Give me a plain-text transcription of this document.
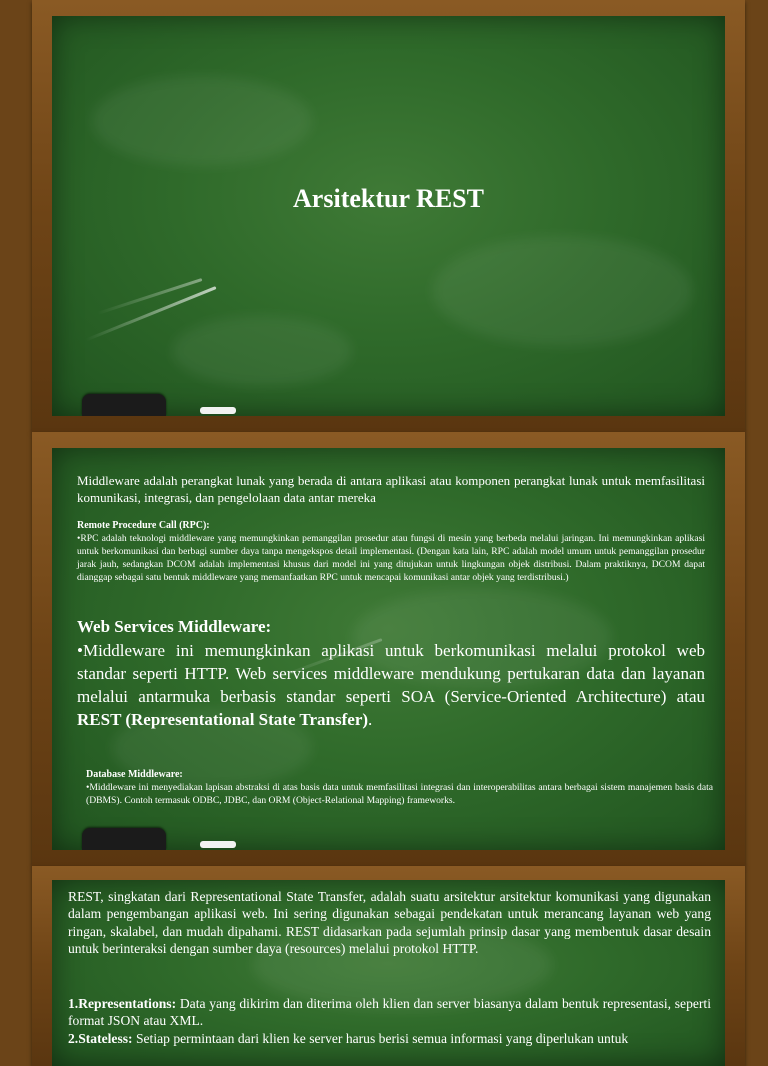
Arsitektur REST
Middleware adalah perangkat lunak yang berada di antara aplikasi atau komponen perangkat lunak untuk memfasilitasi komunikasi, integrasi, dan pengelolaan data antar mereka
Remote Procedure Call (RPC):
•RPC adalah teknologi middleware yang memungkinkan pemanggilan prosedur atau fungsi di mesin yang berbeda melalui jaringan. Ini memungkinkan aplikasi untuk berkomunikasi dan berbagi sumber daya tanpa mengekspos detail implementasi. (Dengan kata lain, RPC adalah model umum untuk pemanggilan prosedur jarak jauh, sedangkan DCOM adalah implementasi khusus dari model ini yang ditujukan untuk lingkungan objek distribusi. Dalam praktiknya, DCOM dapat dianggap sebagai satu bentuk middleware yang memanfaatkan RPC untuk mencapai komunikasi antar objek yang terdistribusi.)
Web Services Middleware:
•Middleware ini memungkinkan aplikasi untuk berkomunikasi melalui protokol web standar seperti HTTP. Web services middleware mendukung pertukaran data dan layanan melalui antarmuka berbasis standar seperti SOA (Service-Oriented Architecture) atau REST (Representational State Transfer).
Database Middleware:
•Middleware ini menyediakan lapisan abstraksi di atas basis data untuk memfasilitasi integrasi dan interoperabilitas antara berbagai sistem manajemen basis data (DBMS). Contoh termasuk ODBC, JDBC, dan ORM (Object-Relational Mapping) frameworks.
REST, singkatan dari Representational State Transfer, adalah suatu arsitektur arsitektur komunikasi yang digunakan dalam pengembangan aplikasi web. Ini sering digunakan sebagai pendekatan untuk merancang layanan web yang ringan, skalabel, dan mudah dipahami. REST didasarkan pada sejumlah prinsip dasar yang membentuk dasar desain untuk berinteraksi dengan sumber daya (resources) melalui protokol HTTP.
1.Representations: Data yang dikirim dan diterima oleh klien dan server biasanya dalam bentuk representasi, seperti format JSON atau XML.
2.Stateless: Setiap permintaan dari klien ke server harus berisi semua informasi yang diperlukan untuk
